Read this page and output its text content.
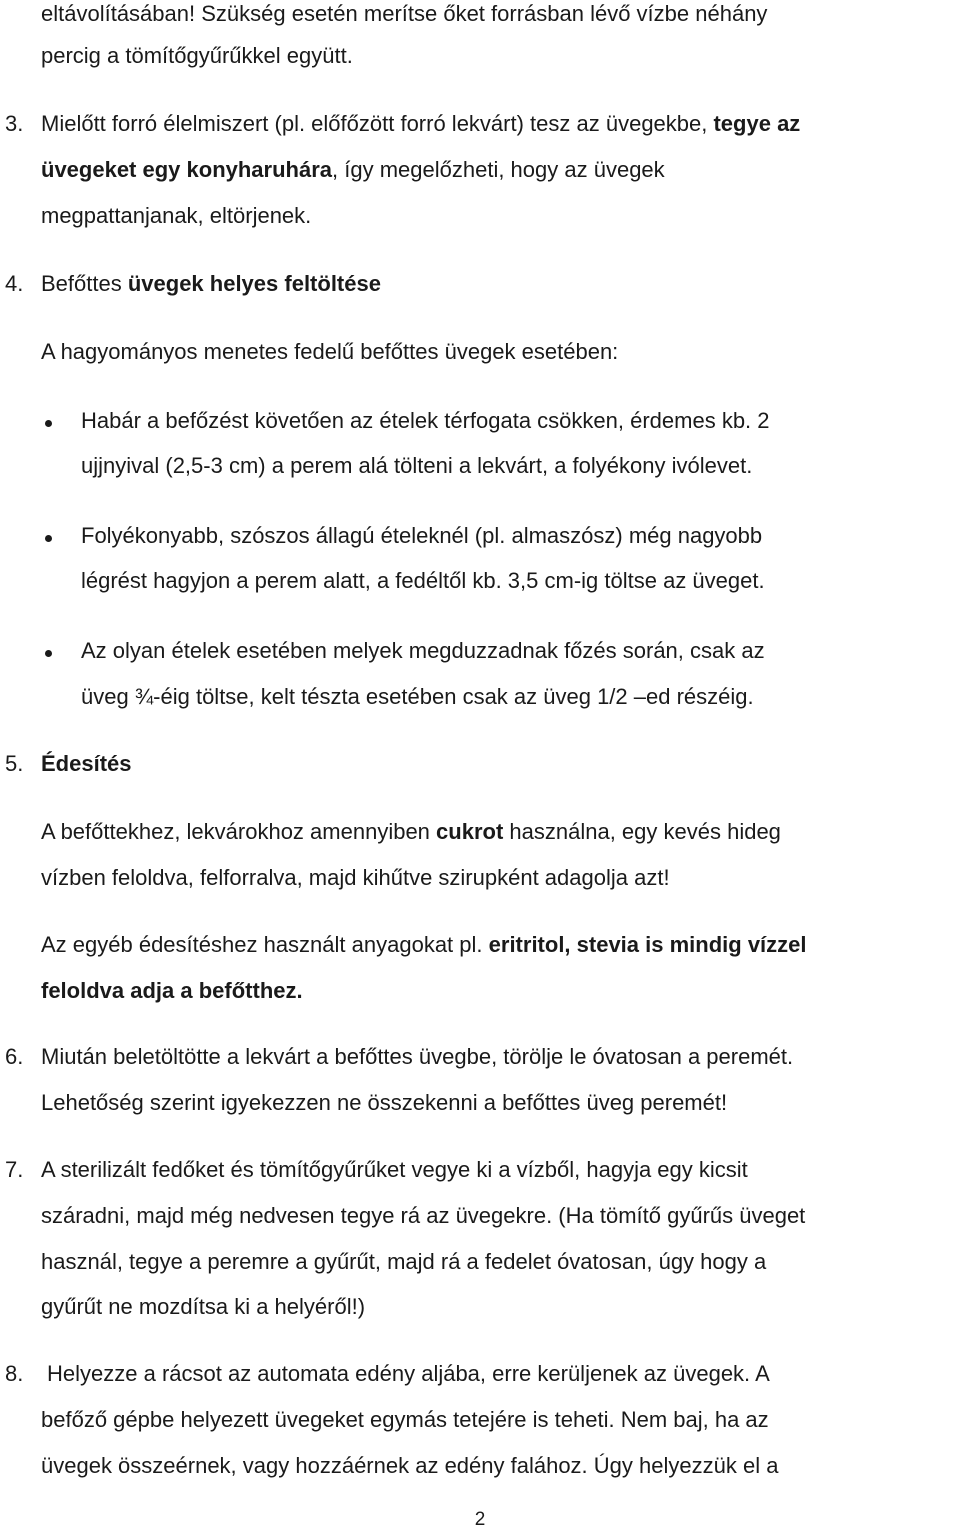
eltávolításában! Szükség esetén merítse őket forrásban lévő vízbe néhány
percig a tömítőgyűrűkkel együtt.
3. Mielőtt forró élelmiszert (pl. előfőzött forró lekvárt) tesz az üvegekbe, tegye az
üvegeket egy konyharuhára, így megelőzheti, hogy az üvegek
megpattanjanak, eltörjenek.
4. Befőttes üvegek helyes feltöltése
A hagyományos menetes fedelű befőttes üvegek esetében:
Habár a befőzést követően az ételek térfogata csökken, érdemes kb. 2
ujjnyival (2,5-3 cm) a perem alá tölteni a lekvárt, a folyékony ivólevet.
Folyékonyabb, szószos állagú ételeknél (pl. almaszósz) még nagyobb
légrést hagyjon a perem alatt, a fedéltől kb. 3,5 cm-ig töltse az üveget.
Az olyan ételek esetében melyek megduzzadnak főzés során, csak az
üveg ¾-éig töltse, kelt tészta esetében csak az üveg 1/2 –ed részéig.
5. Édesítés
A befőttekhez, lekvárokhoz amennyiben cukrot használna, egy kevés hideg
vízben feloldva, felforralva, majd kihűtve szirupként adagolja azt!
Az egyéb édesítéshez használt anyagokat pl. eritritol, stevia is mindig vízzel
feloldva adja a befőtthez.
6. Miután beletöltötte a lekvárt a befőttes üvegbe, törölje le óvatosan a peremét.
Lehetőség szerint igyekezzen ne összekenni a befőttes üveg peremét!
7. A sterilizált fedőket és tömítőgyűrűket vegye ki a vízből, hagyja egy kicsit
száradni, majd még nedvesen tegye rá az üvegekre. (Ha tömítő gyűrűs üveget
használ, tegye a peremre a gyűrűt, majd rá a fedelet óvatosan, úgy hogy a
gyűrűt ne mozdítsa ki a helyéről!)
8. Helyezze a rácsot az automata edény aljába, erre kerüljenek az üvegek. A
befőző gépbe helyezett üvegeket egymás tetejére is teheti. Nem baj, ha az
üvegek összeérnek, vagy hozzáérnek az edény falához. Úgy helyezzük el a
2
